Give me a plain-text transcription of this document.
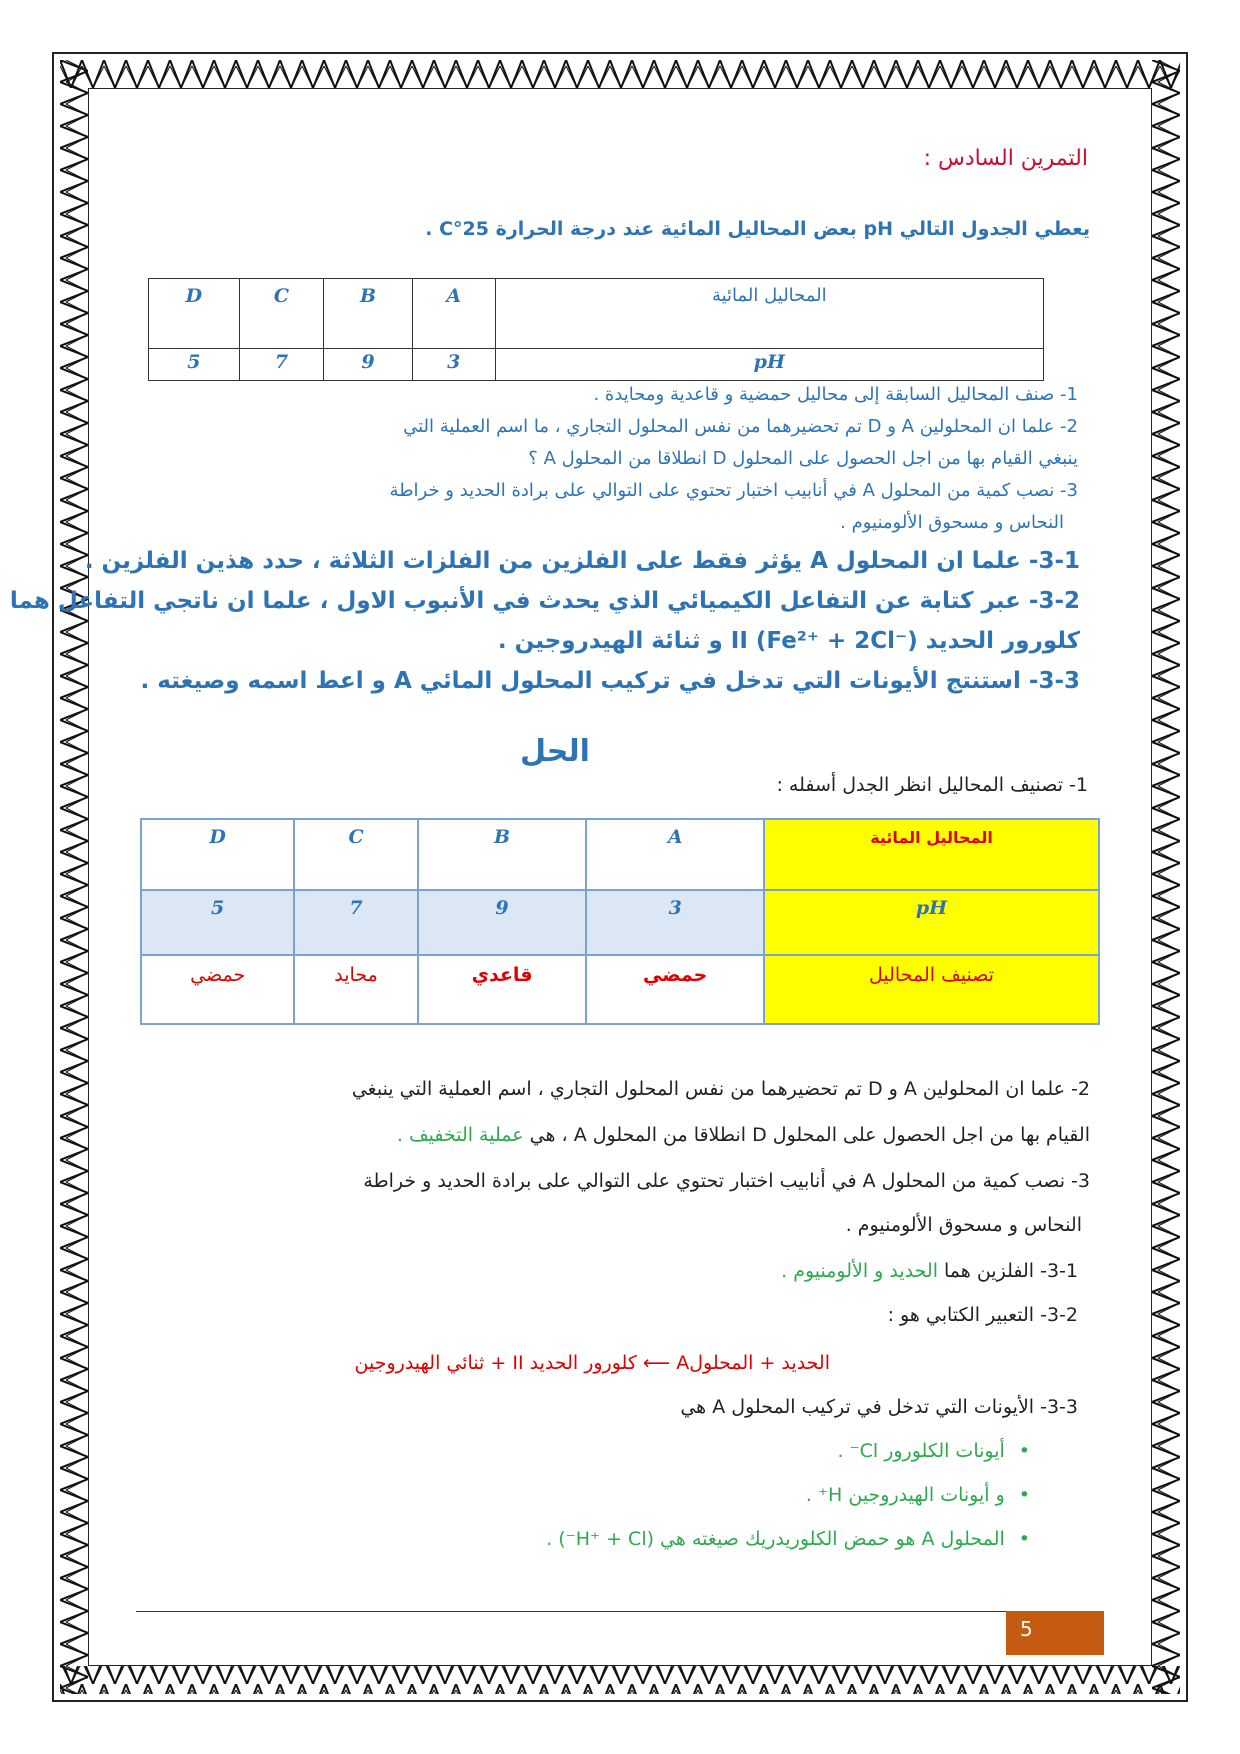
التمرين السادس :
يعطي الجدول التالي pH بعض المحاليل المائية عند درجة الحرارة 25°C .
D	C	B	A	المحاليل المائية
5	7	9	3	pH
1- صنف المحاليل السابقة إلى محاليل حمضية و قاعدية ومحايدة .
2- علما ان المحلولين A و D تم تحضيرهما من نفس المحلول التجاري ، ما اسم العملية التي
ينبغي القيام بها من اجل الحصول على المحلول D انطلاقا من المحلول A ؟
3- نصب كمية من المحلول A في أنابيب اختبار تحتوي على التوالي على برادة الحديد و خراطة
النحاس و مسحوق الألومنيوم .
3-1- علما ان المحلول A يؤثر فقط على الفلزين من الفلزات الثلاثة ، حدد هذين الفلزين .
3-2- عبر كتابة عن التفاعل الكيميائي الذي يحدث في الأنبوب الاول ، علما ان ناتجي التفاعل هما
كلورور الحديد II (Fe²⁺ + 2Cl⁻) و ثنائة الهيدروجين .
3-3- استنتج الأيونات التي تدخل في تركيب المحلول المائي A و اعط اسمه وصيغته .
الحل
1- تصنيف المحاليل انظر الجدل أسفله :
D	C	B	A	المحاليل المائية
5	7	9	3	pH
حمضي	محايد	قاعدي	حمضي	تصنيف المحاليل
2- علما ان المحلولين A و D تم تحضيرهما من نفس المحلول التجاري ، اسم العملية التي ينبغي
القيام بها من اجل الحصول على المحلول D انطلاقا من المحلول A ، هي عملية التخفيف .
3- نصب كمية من المحلول A في أنابيب اختبار تحتوي على التوالي على برادة الحديد و خراطة
النحاس و مسحوق الألومنيوم .
3-1- الفلزين هما الحديد و الألومنيوم .
3-2- التعبير الكتابي هو :
الحديد + المحلولA ⟵ كلورور الحديد II + ثنائي الهيدروجين
3-3- الأيونات التي تدخل في تركيب المحلول A هي
•أيونات الكلورور Cl⁻ .
•و أيونات الهيدروجين H⁺ .
•المحلول A هو حمض الكلوريدريك صيغته هي (H⁺ + Cl⁻) .
5
